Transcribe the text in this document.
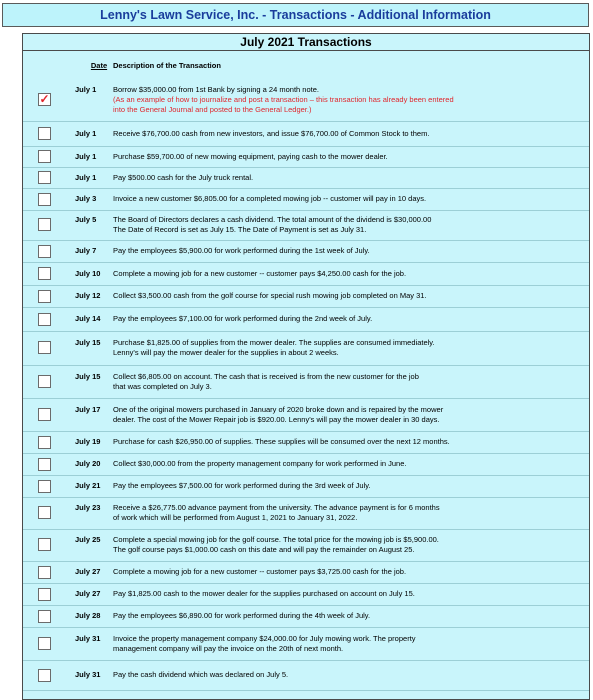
Lenny's Lawn Service, Inc. - Transactions - Additional Information
July 2021 Transactions
Date Description of the Transaction
✓
July 1	Borrow $35,000.00 from 1st Bank by signing a 24 month note.
(As an example of how to journalize and post a transaction – this transaction has already been entered
into the General Journal and posted to the General Ledger.)
July 1	Receive $76,700.00 cash from new investors, and issue $76,700.00 of Common Stock to them.
July 1	Purchase $59,700.00 of new mowing equipment, paying cash to the mower dealer.
July 1	Pay $500.00 cash for the July truck rental.
July 3	Invoice a new customer $6,805.00 for a completed mowing job -- customer will pay in 10 days.
July 5	The Board of Directors declares a cash dividend. The total amount of the dividend is $30,000.00
The Date of Record is set as July 15. The Date of Payment is set as July 31.
July 7	Pay the employees $5,900.00 for work performed during the 1st week of July.
July 10	Complete a mowing job for a new customer -- customer pays $4,250.00 cash for the job.
July 12	Collect $3,500.00 cash from the golf course for special rush mowing job completed on May 31.
July 14	Pay the employees $7,100.00 for work performed during the 2nd week of July.
July 15	Purchase $1,825.00 of supplies from the mower dealer. The supplies are consumed immediately.
Lenny's will pay the mower dealer for the supplies in about 2 weeks.
July 15	Collect $6,805.00 on account. The cash that is received is from the new customer for the job
that was completed on July 3.
July 17	One of the original mowers purchased in January of 2020 broke down and is repaired by the mower
dealer. The cost of the Mower Repair job is $920.00. Lenny's will pay the mower dealer in 30 days.
July 19	Purchase for cash $26,950.00 of supplies. These supplies will be consumed over the next 12 months.
July 20	Collect $30,000.00 from the property management company for work performed in June.
July 21	Pay the employees $7,500.00 for work performed during the 3rd week of July.
July 23	Receive a $26,775.00 advance payment from the university. The advance payment is for 6 months
of work which will be performed from August 1, 2021 to January 31, 2022.
July 25	Complete a special mowing job for the golf course. The total price for the mowing job is $5,900.00.
The golf course pays $1,000.00 cash on this date and will pay the remainder on August 25.
July 27	Complete a mowing job for a new customer -- customer pays $3,725.00 cash for the job.
July 27	Pay $1,825.00 cash to the mower dealer for the supplies purchased on account on July 15.
July 28	Pay the employees $6,890.00 for work performed during the 4th week of July.
July 31	Invoice the property management company $24,000.00 for July mowing work. The property
management company will pay the invoice on the 20th of next month.
July 31	Pay the cash dividend which was declared on July 5.
